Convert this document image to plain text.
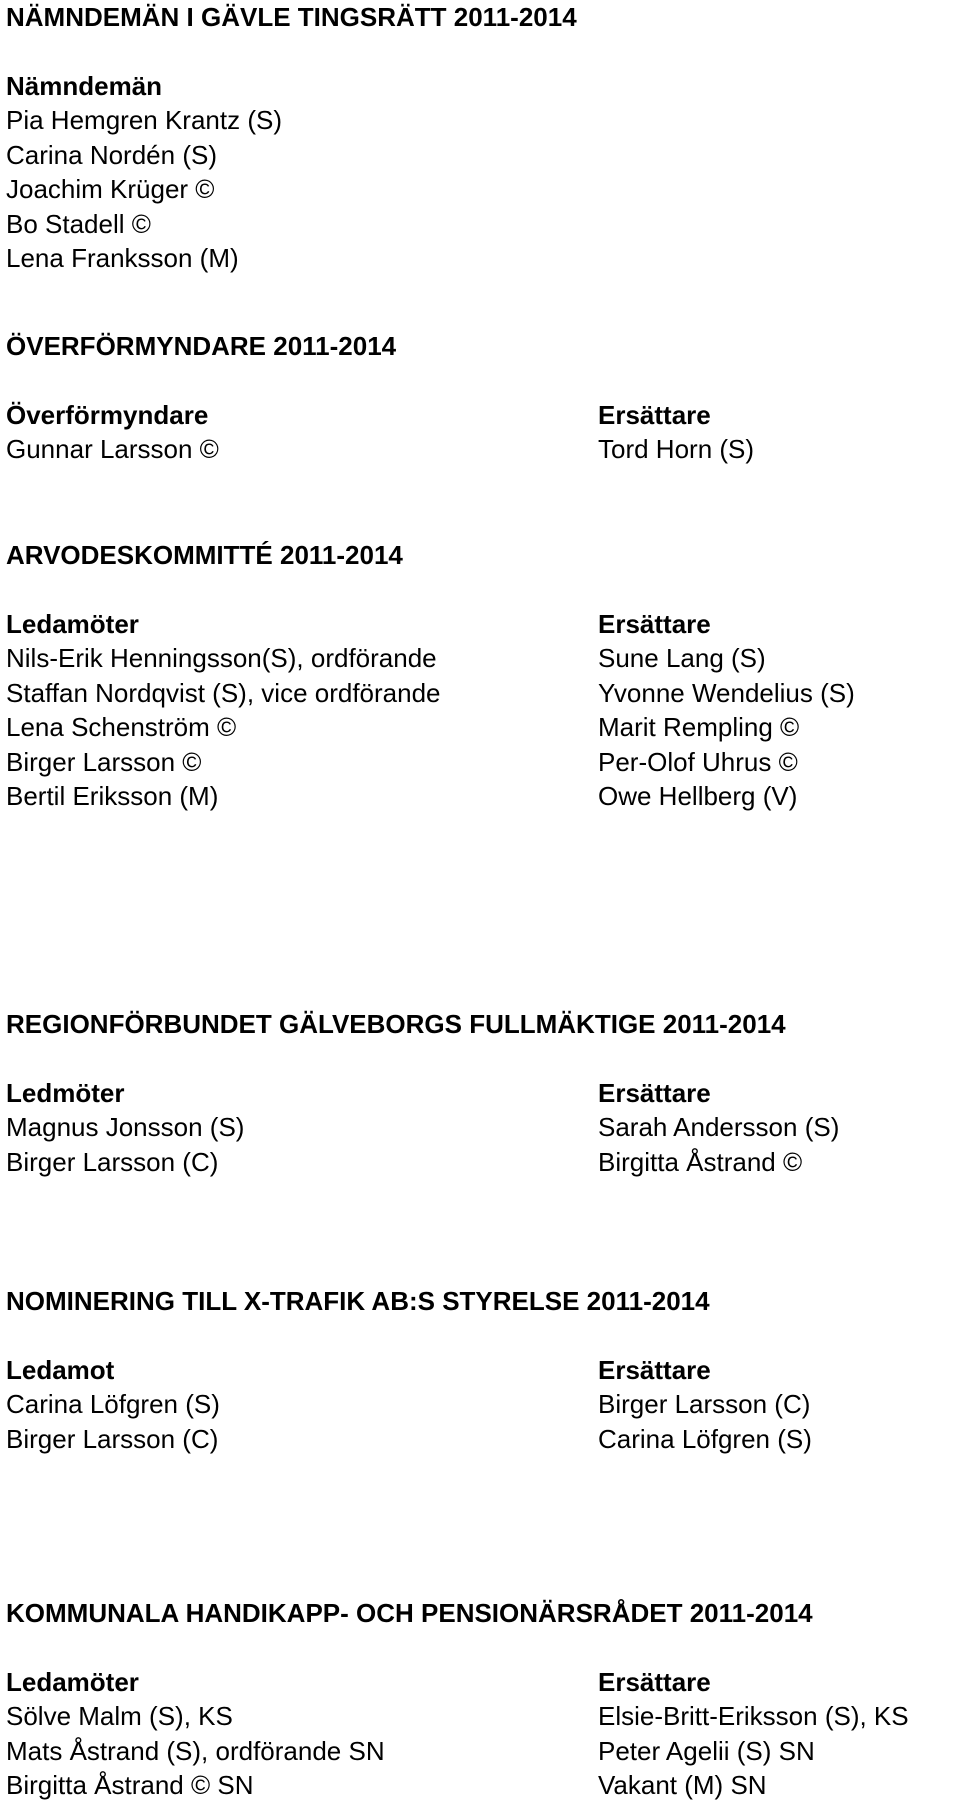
NÄMNDEMÄN I GÄVLE TINGSRÄTT 2011-2014
Nämndemän
Pia Hemgren Krantz (S)
Carina Nordén (S)
Joachim Krüger ©
Bo Stadell ©
Lena Franksson (M)
ÖVERFÖRMYNDARE 2011-2014
Överförmyndare
Gunnar Larsson ©
Ersättare
Tord Horn (S)
ARVODESKOMMITTÉ 2011-2014
Ledamöter
Nils-Erik Henningsson(S), ordförande
Staffan Nordqvist (S), vice ordförande
Lena Schenström ©
Birger Larsson ©
Bertil Eriksson (M)
Ersättare
Sune Lang (S)
Yvonne Wendelius (S)
Marit Rempling ©
Per-Olof Uhrus ©
Owe Hellberg (V)
REGIONFÖRBUNDET GÄLVEBORGS FULLMÄKTIGE 2011-2014
Ledmöter
Magnus Jonsson (S)
Birger Larsson (C)
Ersättare
Sarah Andersson (S)
Birgitta Åstrand ©
NOMINERING TILL X-TRAFIK AB:S STYRELSE 2011-2014
Ledamot
Carina Löfgren (S)
Birger Larsson (C)
Ersättare
Birger Larsson (C)
Carina Löfgren (S)
KOMMUNALA HANDIKAPP- OCH PENSIONÄRSRÅDET 2011-2014
Ledamöter
Sölve Malm (S), KS
Mats Åstrand (S), ordförande SN
Birgitta Åstrand © SN
Ersättare
Elsie-Britt-Eriksson (S), KS
Peter Agelii (S) SN
Vakant (M) SN
